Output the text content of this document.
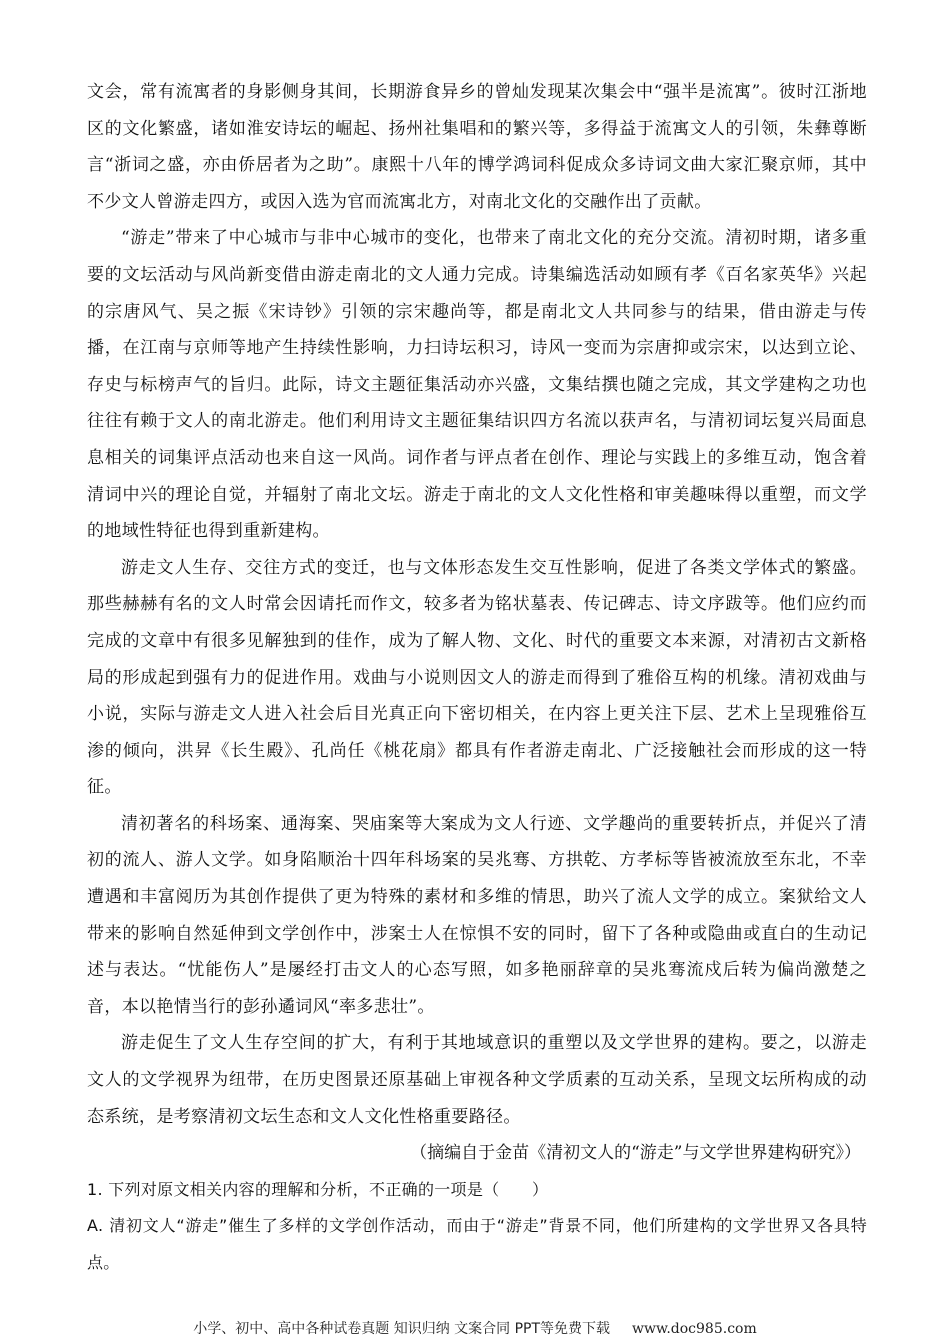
文会，常有流寓者的身影侧身其间，长期游食异乡的曾灿发现某次集会中“强半是流寓”。彼时江浙地区的文化繁盛，诸如淮安诗坛的崛起、扬州社集唱和的繁兴等，多得益于流寓文人的引领，朱彝尊断言“浙词之盛，亦由侨居者为之助”。康熙十八年的博学鸿词科促成众多诗词文曲大家汇聚京师，其中不少文人曾游走四方，或因入选为官而流寓北方，对南北文化的交融作出了贡献。

“游走”带来了中心城市与非中心城市的变化，也带来了南北文化的充分交流。清初时期，诸多重要的文坛活动与风尚新变借由游走南北的文人通力完成。诗集编选活动如顾有孝《百名家英华》兴起的宗唐风气、吴之振《宋诗钞》引领的宗宋趣尚等，都是南北文人共同参与的结果，借由游走与传播，在江南与京师等地产生持续性影响，力扫诗坛积习，诗风一变而为宗唐抑或宗宋，以达到立论、存史与标榜声气的旨归。此际，诗文主题征集活动亦兴盛，文集结撰也随之完成，其文学建构之功也往往有赖于文人的南北游走。他们利用诗文主题征集结识四方名流以获声名，与清初词坛复兴局面息息相关的词集评点活动也来自这一风尚。词作者与评点者在创作、理论与实践上的多维互动，饱含着清词中兴的理论自觉，并辐射了南北文坛。游走于南北的文人文化性格和审美趣味得以重塑，而文学的地域性特征也得到重新建构。

游走文人生存、交往方式的变迁，也与文体形态发生交互性影响，促进了各类文学体式的繁盛。那些赫赫有名的文人时常会因请托而作文，较多者为铭状墓表、传记碑志、诗文序跋等。他们应约而完成的文章中有很多见解独到的佳作，成为了解人物、文化、时代的重要文本来源，对清初古文新格局的形成起到强有力的促进作用。戏曲与小说则因文人的游走而得到了雅俗互构的机缘。清初戏曲与小说，实际与游走文人进入社会后目光真正向下密切相关，在内容上更关注下层、艺术上呈现雅俗互渗的倾向，洪昇《长生殿》、孔尚任《桃花扇》都具有作者游走南北、广泛接触社会而形成的这一特征。

清初著名的科场案、通海案、哭庙案等大案成为文人行迹、文学趣尚的重要转折点，并促兴了清初的流人、游人文学。如身陷顺治十四年科场案的吴兆骞、方拱乾、方孝标等皆被流放至东北，不幸遭遇和丰富阅历为其创作提供了更为特殊的素材和多维的情思，助兴了流人文学的成立。案狱给文人带来的影响自然延伸到文学创作中，涉案士人在惊惧不安的同时，留下了各种或隐曲或直白的生动记述与表达。“忧能伤人”是屡经打击文人的心态写照，如多艳丽辞章的吴兆骞流戍后转为偏尚激楚之音，本以艳情当行的彭孙遹词风“率多悲壮”。

游走促生了文人生存空间的扩大，有利于其地域意识的重塑以及文学世界的建构。要之，以游走文人的文学视界为纽带，在历史图景还原基础上审视各种文学质素的互动关系，呈现文坛所构成的动态系统，是考察清初文坛生态和文人文化性格重要路径。

（摘编自于金苗《清初文人的“游走”与文学世界建构研究》）

1. 下列对原文相关内容的理解和分析，不正确的一项是（　　）

A. 清初文人“游走”催生了多样的文学创作活动，而由于“游走”背景不同，他们所建构的文学世界又各具特点。

小学、初中、高中各种试卷真题 知识归纳 文案合同 PPT等免费下载 www.doc985.com
